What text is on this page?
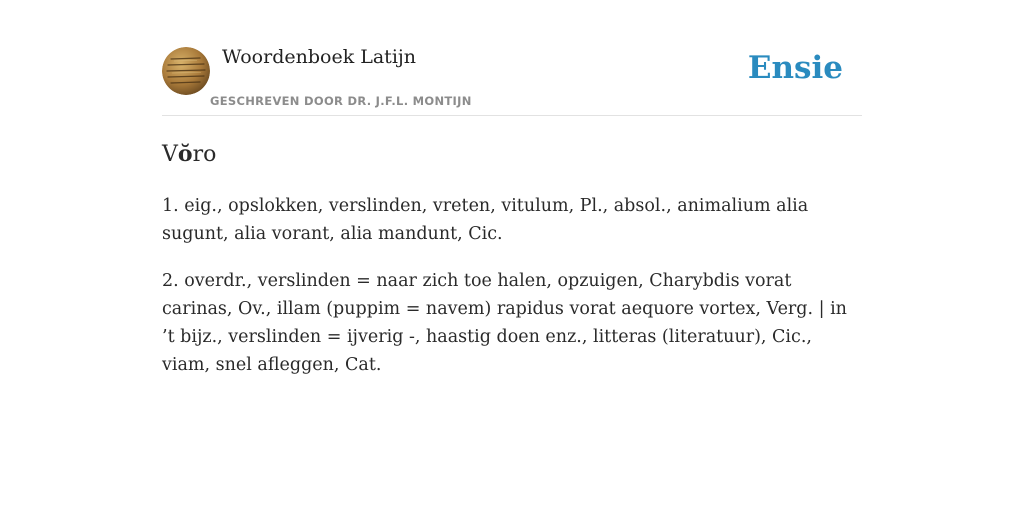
Woordenboek Latijn
GESCHREVEN DOOR DR. J.F.L. MONTIJN
Ensie
Vŏro

1. eig., opslokken, verslinden, vreten, vitulum, Pl., absol., animalium alia sugunt, alia vorant, alia mandunt, Cic.

2. overdr., verslinden = naar zich toe halen, opzuigen, Charybdis vorat carinas, Ov., illam (puppim = navem) rapidus vorat aequore vortex, Verg. | in ’t bijz., verslinden = ijverig -, haastig doen enz., litteras (literatuur), Cic., viam, snel afleggen, Cat.
